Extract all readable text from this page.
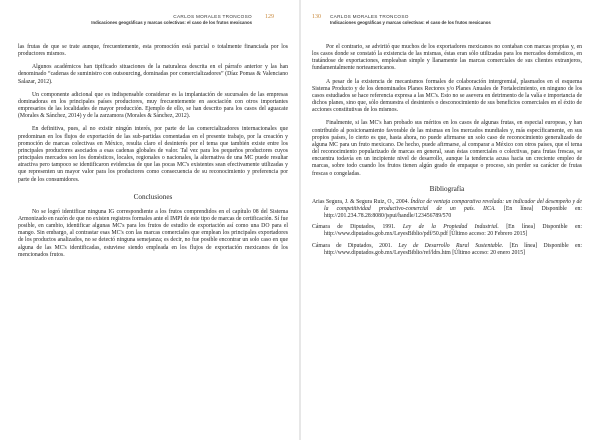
CARLOS MORALES TRONCOSO
Indicaciones geográficas y marcas colectivas: el caso de los frutos mexicanos
129

las frutas de que se trate aunque, frecuentemente, esta promoción está parcial o totalmente financiada por los productores mismos.

Algunos académicos han tipificado situaciones de la naturaleza descrita en el párrafo anterior y las han denominado “cadenas de suministro con outsourcing, dominadas por comercializadores” (Díaz Pomas & Valenciano Salazar, 2012).

Un componente adicional que es indispensable considerar es la implantación de sucursales de las empresas dominadoras en los principales países productores, muy frecuentemente en asociación con otros importantes empresarios de las localidades de mayor producción. Ejemplo de ello, se han descrito para los casos del aguacate (Morales & Sánchez, 2014) y de la zarzamora (Morales & Sánchez, 2012).

En definitiva, pues, al no existir ningún interés, por parte de las comercializadores internacionales que predominan en los flujos de exportación de las sub-partidas comentadas en el presente trabajo, por la creación y promoción de marcas colectivas en México, resulta claro el desinterés por el tema que también existe entre los principales productores asociados a esas cadenas globales de valor. Tal vez para los pequeños productores cuyos principales mercados son los domésticos, locales, regionales o nacionales, la alternativa de una MC puede resultar atractiva pero tampoco se identificaron evidencias de que las pocas MC's existentes sean efectivamente utilizadas y que representen un mayor valor para los productores como consecuencia de su reconocimiento y preferencia por parte de los consumidores.

Conclusiones

No se logró identificar ninguna IG correspondiente a los frutos comprendidos en el capítulo 08 del Sistema Armonizado en razón de que no existen registros formales ante el IMPI de este tipo de marcas de certificación. Sí fue posible, en cambio, identificar algunas MC's para los frutos de estudio de exportación así como una DO para el mango. Sin embargo, al contrastar esas MC's con las marcas comerciales que emplean los principales exportadores de los productos analizados, no se detectó ninguna semejanza; es decir, no fue posible encontrar un solo caso en que alguna de las MC's identificadas, estuviese siendo empleada en los flujos de exportación mexicanos de los mencionados frutos.

130 CARLOS MORALES TRONCOSO
Indicaciones geográficas y marcas colectivas: el caso de los frutos mexicanos

Por el contrario, se advirtió que muchos de los exportadores mexicanos no contaban con marcas propias y, en los casos donde se constató la existencia de las mismas, éstas eran sólo utilizadas para los mercados domésticos, en tratándose de exportaciones, empleaban simple y llanamente las marcas comerciales de sus clientes extranjeros, fundamentalmente norteamericanos.

A pesar de la existencia de mecanismos formales de colaboración intergremial, plasmados en el esquema Sistema Producto y de los denominados Planes Rectores y/o Planes Anuales de Fortalecimiento, en ninguno de los casos estudiados se hace referencia expresa a las MC's. Esto no se asevera en detrimento de la valía e importancia de dichos planes, sino que, sólo demuestra el desinterés o desconocimiento de sus beneficios comerciales en el éxito de acciones constitutivas de los mismos.

Finalmente, si las MC's han probado sus méritos en los casos de algunas frutas, en especial europeas, y han contribuido al posicionamiento favorable de las mismas en los mercados mundiales y, más específicamente, en sus propios países, lo cierto es que, hasta ahora, no puede afirmarse un solo caso de reconocimiento generalizado de alguna MC para un fruto mexicano. De hecho, puede afirmarse, al comparar a México con otros países, que el tema del reconocimiento popularizado de marcas en general, sean éstas comerciales o colectivas, para frutas frescas, se encuentra todavía en un incipiente nivel de desarrollo, aunque la tendencia acusa hacia un creciente empleo de marcas, sobre todo cuando los frutos tienen algún grado de empaque o proceso, sin perder su carácter de frutas frescas o congeladas.

Bibliografía

Arias Segura, J. & Segura Ruiz, O., 2004. Índice de ventaja comparativa revelada: un indicador del desempeño y de la competitividad productivo-comercial de un país. IICA. [En línea] Disponible en: http://201.234.78.28:8080/jspui/handle/123456789/570

Cámara de Diputados, 1991. Ley de la Propiedad Industrial. [En línea] Disponible en: http://www.diputados.gob.mx/LeyesBiblio/pdf/50.pdf [Último acceso: 20 Febrero 2015]

Cámara de Diputados, 2001. Ley de Desarrollo Rural Sustentable. [En línea] Disponible en: http://www.diputados.gob.mx/LeyesBiblio/ref/ldrs.htm [Último acceso: 20 enero 2015]
